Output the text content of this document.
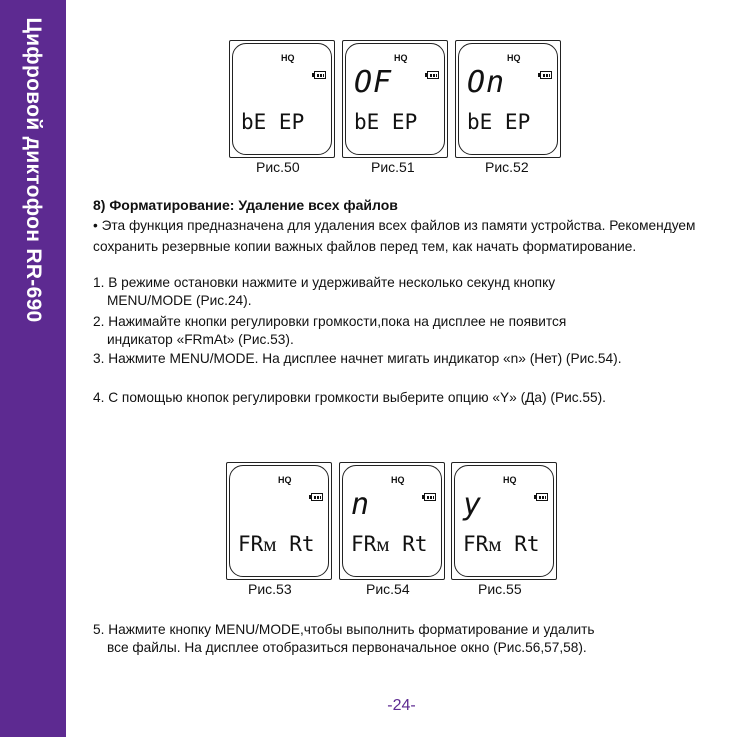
Цифровой диктофон RR-690	HQ
bE EP
HQ
OF
bE EP
HQ
On
bE EP
Рис.50	Рис.51	Рис.52
8) Форматирование: Удаление всех файлов
• Эта функция предназначена для удаления всех файлов из памяти устройства. Рекомендуем сохранить резервные копии важных файлов перед тем, как начать форматирование.
1. В режиме остановки нажмите и удерживайте несколько секунд кнопку
MENU/MODE (Рис.24).
2. Нажимайте кнопки регулировки громкости,пока на дисплее не появится
индикатор «FRmAt» (Рис.53).
3. Нажмите MENU/MODE. На дисплее начнет мигать индикатор «n» (Нет) (Рис.54).
4. С помощью кнопок регулировки громкости выберите опцию «Y» (Да) (Рис.55).
HQ
FRᴍ Rt
HQ
n
FRᴍ Rt
HQ
y
FRᴍ Rt
Рис.53	Рис.54	Рис.55
5. Нажмите кнопку MENU/MODE,чтобы выполнить форматирование и удалить
все файлы. На дисплее отобразиться первоначальное окно (Рис.56,57,58).
-24-
